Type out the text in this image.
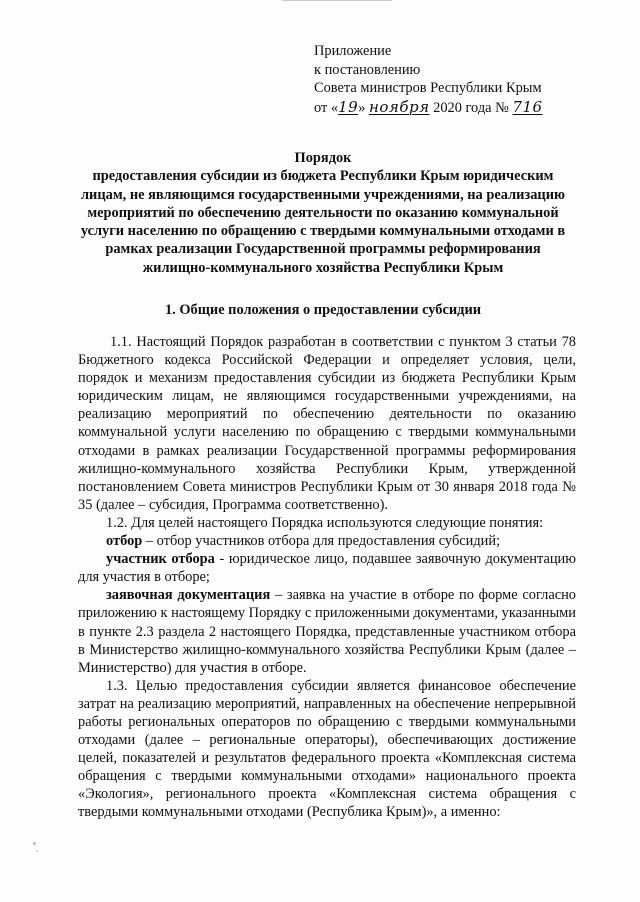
Приложение
к постановлению
Совета министров Республики Крым
от «19» ноября 2020 года № 716
Порядок
предоставления субсидии из бюджета Республики Крым юридическим лицам, не являющимся государственными учреждениями, на реализацию мероприятий по обеспечению деятельности по оказанию коммунальной услуги населению по обращению с твердыми коммунальными отходами в рамках реализации Государственной программы реформирования жилищно-коммунального хозяйства Республики Крым
1. Общие положения о предоставлении субсидии

1.1. Настоящий Порядок разработан в соответствии с пунктом 3 статьи 78 Бюджетного кодекса Российской Федерации и определяет условия, цели, порядок и механизм предоставления субсидии из бюджета Республики Крым юридическим лицам, не являющимся государственными учреждениями, на реализацию мероприятий по обеспечению деятельности по оказанию коммунальной услуги населению по обращению с твердыми коммунальными отходами в рамках реализации Государственной программы реформирования жилищно-коммунального хозяйства Республики Крым, утвержденной постановлением Совета министров Республики Крым от 30 января 2018 года № 35 (далее – субсидия, Программа соответственно).

1.2. Для целей настоящего Порядка используются следующие понятия:

отбор – отбор участников отбора для предоставления субсидий;

участник отбора - юридическое лицо, подавшее заявочную документацию для участия в отборе;

заявочная документация – заявка на участие в отборе по форме согласно приложению к настоящему Порядку с приложенными документами, указанными в пункте 2.3 раздела 2 настоящего Порядка, представленные участником отбора в Министерство жилищно-коммунального хозяйства Республики Крым (далее – Министерство) для участия в отборе.

1.3. Целью предоставления субсидии является финансовое обеспечение затрат на реализацию мероприятий, направленных на обеспечение непрерывной работы региональных операторов по обращению с твердыми коммунальными отходами (далее – региональные операторы), обеспечивающих достижение целей, показателей и результатов федерального проекта «Комплексная система обращения с твердыми коммунальными отходами» национального проекта «Экология», регионального проекта «Комплексная система обращения с твердыми коммунальными отходами (Республика Крым)», а именно:
